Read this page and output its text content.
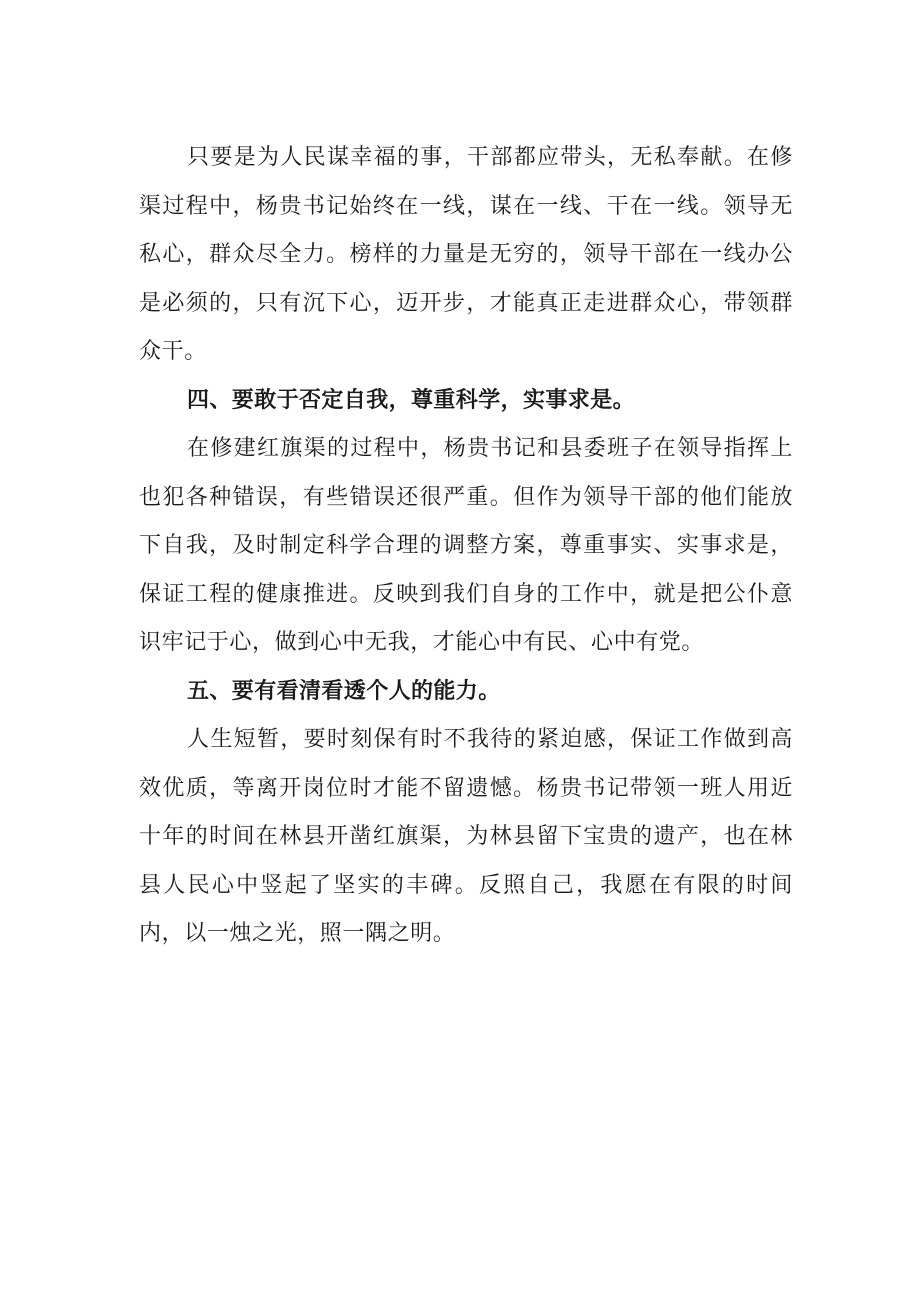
只要是为人民谋幸福的事，干部都应带头，无私奉献。在修渠过程中，杨贵书记始终在一线，谋在一线、干在一线。领导无私心，群众尽全力。榜样的力量是无穷的，领导干部在一线办公是必须的，只有沉下心，迈开步，才能真正走进群众心，带领群众干。

四、要敢于否定自我，尊重科学，实事求是。

在修建红旗渠的过程中，杨贵书记和县委班子在领导指挥上也犯各种错误，有些错误还很严重。但作为领导干部的他们能放下自我，及时制定科学合理的调整方案，尊重事实、实事求是，保证工程的健康推进。反映到我们自身的工作中，就是把公仆意识牢记于心，做到心中无我，才能心中有民、心中有党。

五、要有看清看透个人的能力。

人生短暂，要时刻保有时不我待的紧迫感，保证工作做到高效优质，等离开岗位时才能不留遗憾。杨贵书记带领一班人用近十年的时间在林县开凿红旗渠，为林县留下宝贵的遗产，也在林县人民心中竖起了坚实的丰碑。反照自己，我愿在有限的时间内，以一烛之光，照一隅之明。
